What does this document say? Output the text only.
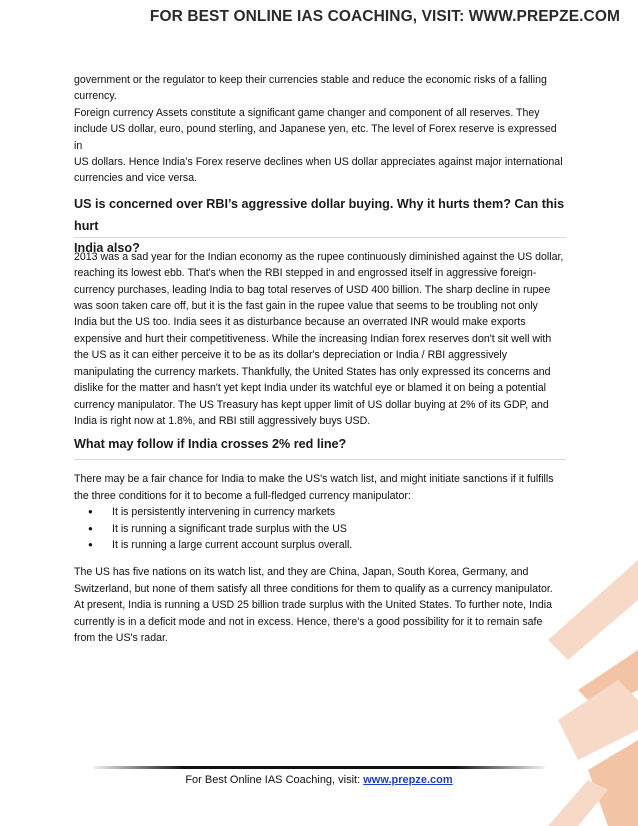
FOR BEST ONLINE IAS COACHING, VISIT: WWW.PREPZE.COM

government or the regulator to keep their currencies stable and reduce the economic risks of a falling

currency.

Foreign currency Assets constitute a significant game changer and component of all reserves. They

include US dollar, euro, pound sterling, and Japanese yen, etc. The level of Forex reserve is expressed in

US dollars. Hence India’s Forex reserve declines when US dollar appreciates against major international

currencies and vice versa.

US is concerned over RBI’s aggressive dollar buying. Why it hurts them? Can this hurt
India also?

2013 was a sad year for the Indian economy as the rupee continuously diminished against the US dollar,

reaching its lowest ebb. That's when the RBI stepped in and engrossed itself in aggressive foreign-

currency purchases, leading India to bag total reserves of USD 400 billion. The sharp decline in rupee

was soon taken care off, but it is the fast gain in the rupee value that seems to be troubling not only

India but the US too. India sees it as disturbance because an overrated INR would make exports

expensive and hurt their competitiveness. While the increasing Indian forex reserves don't sit well with

the US as it can either perceive it to be as its dollar's depreciation or India / RBI aggressively

manipulating the currency markets. Thankfully, the United States has only expressed its concerns and

dislike for the matter and hasn't yet kept India under its watchful eye or blamed it on being a potential

currency manipulator. The US Treasury has kept upper limit of US dollar buying at 2% of its GDP, and

India is right now at 1.8%, and RBI still aggressively buys USD.

What may follow if India crosses 2% red line?

There may be a fair chance for India to make the US's watch list, and might initiate sanctions if it fulfills

the three conditions for it to become a full-fledged currency manipulator:

● It is persistently intervening in currency markets
● It is running a significant trade surplus with the US
● It is running a large current account surplus overall.

The US has five nations on its watch list, and they are China, Japan, South Korea, Germany, and

Switzerland, but none of them satisfy all three conditions for them to qualify as a currency manipulator.

At present, India is running a USD 25 billion trade surplus with the United States. To further note, India

currently is in a deficit mode and not in excess. Hence, there's a good possibility for it to remain safe

from the US's radar.

For Best Online IAS Coaching, visit: www.prepze.com
